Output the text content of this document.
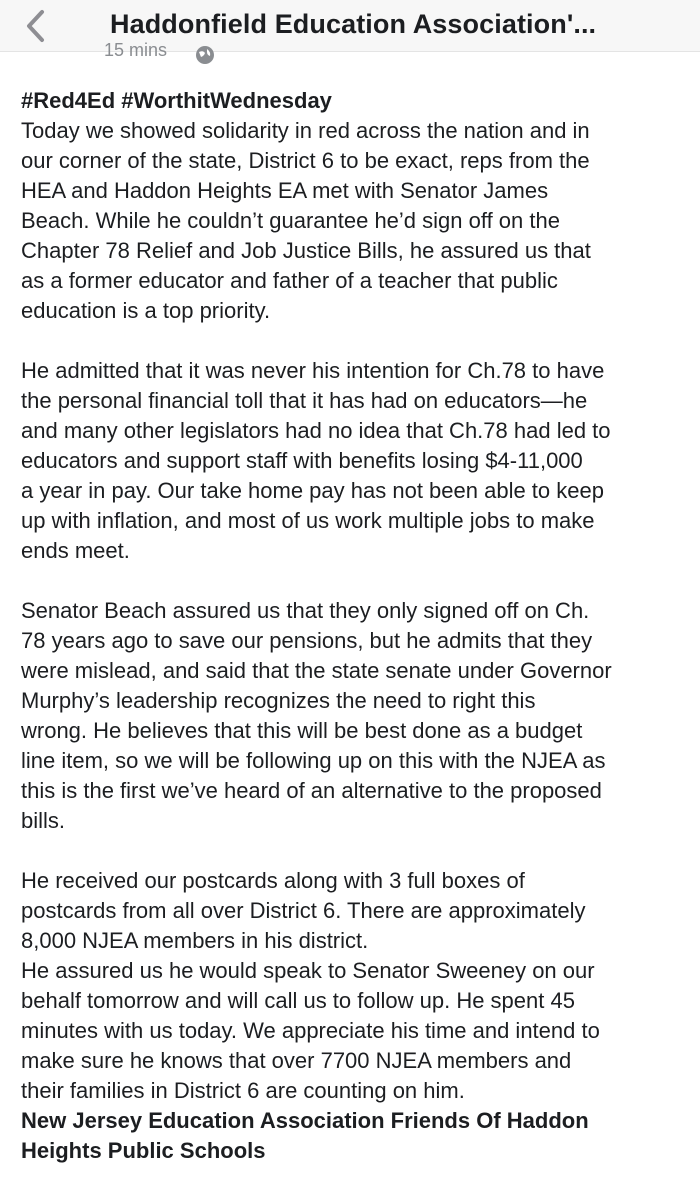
Haddonfield Education Association'...
15 mins

#Red4Ed #WorthitWednesday

Today we showed solidarity in red across the nation and in
our corner of the state, District 6 to be exact, reps from the
HEA and Haddon Heights EA met with Senator James
Beach. While he couldn’t guarantee he’d sign off on the
Chapter 78 Relief and Job Justice Bills, he assured us that
as a former educator and father of a teacher that public
education is a top priority.

He admitted that it was never his intention for Ch.78 to have
the personal financial toll that it has had on educators—he
and many other legislators had no idea that Ch.78 had led to
educators and support staff with benefits losing $4-11,000
a year in pay. Our take home pay has not been able to keep
up with inflation, and most of us work multiple jobs to make
ends meet.

Senator Beach assured us that they only signed off on Ch.
78 years ago to save our pensions, but he admits that they
were mislead, and said that the state senate under Governor
Murphy’s leadership recognizes the need to right this
wrong. He believes that this will be best done as a budget
line item, so we will be following up on this with the NJEA as
this is the first we’ve heard of an alternative to the proposed
bills.

He received our postcards along with 3 full boxes of
postcards from all over District 6. There are approximately
8,000 NJEA members in his district.

He assured us he would speak to Senator Sweeney on our
behalf tomorrow and will call us to follow up. He spent 45
minutes with us today. We appreciate his time and intend to
make sure he knows that over 7700 NJEA members and
their families in District 6 are counting on him.

New Jersey Education Association Friends Of Haddon
Heights Public Schools
